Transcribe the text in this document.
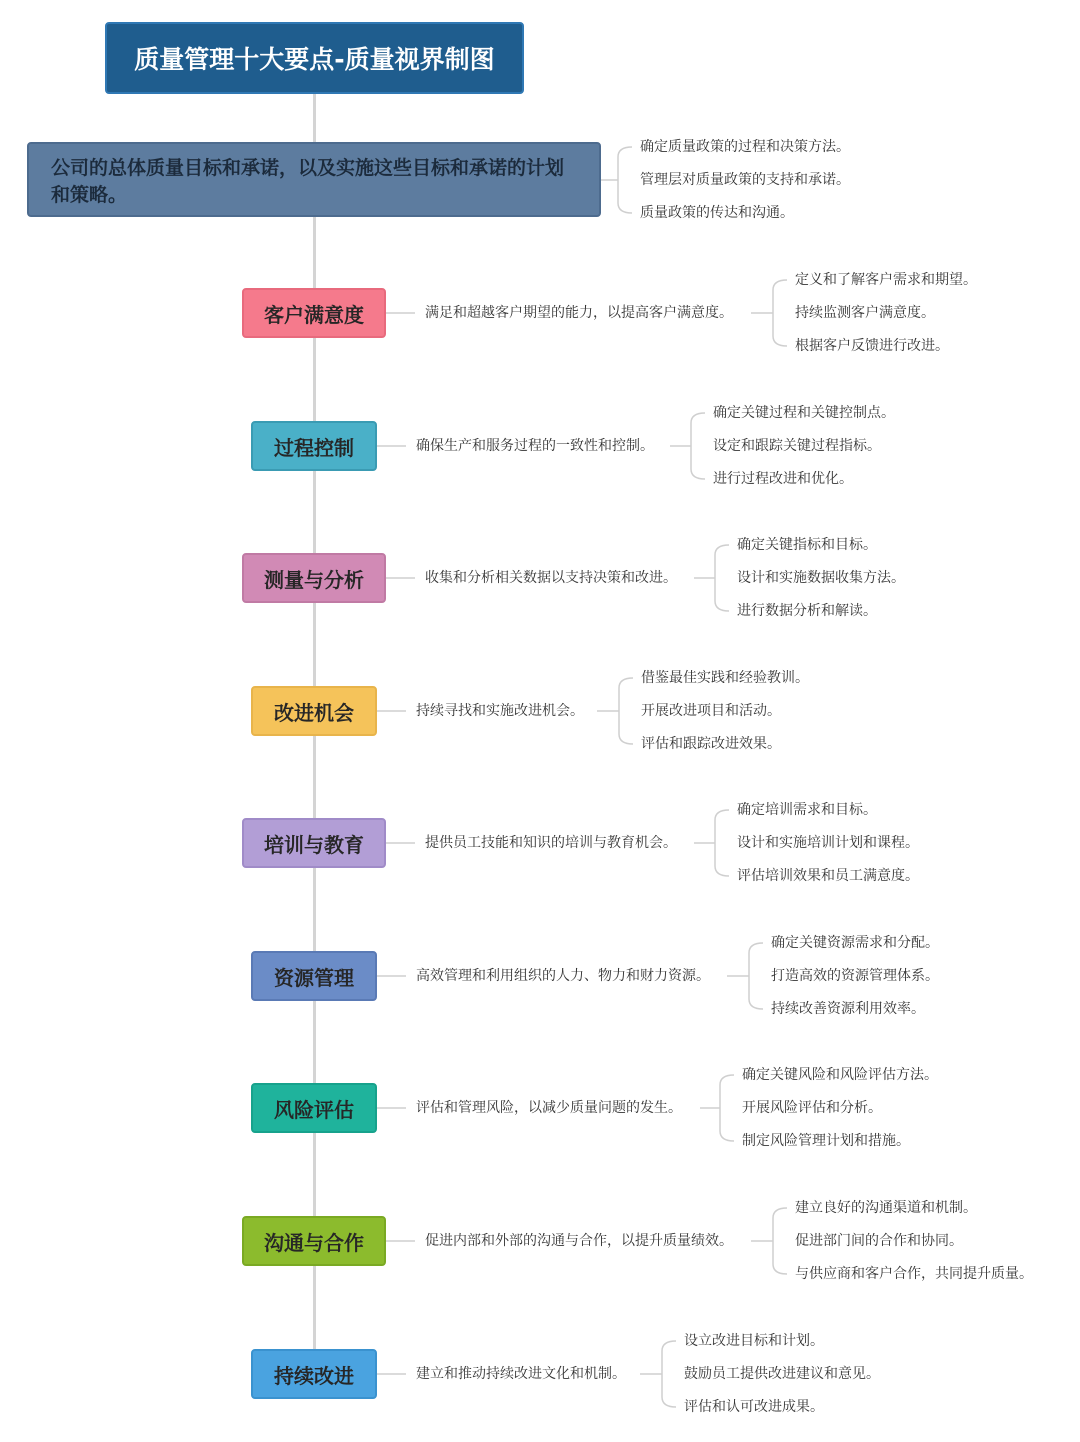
质量管理十大要点-质量视界制图
公司的总体质量目标和承诺，以及实施这些目标和承诺的计划和策略。
确定质量政策的过程和决策方法。
管理层对质量政策的支持和承诺。
质量政策的传达和沟通。
客户满意度	满足和超越客户期望的能力，以提高客户满意度。
定义和了解客户需求和期望。
持续监测客户满意度。
根据客户反馈进行改进。
过程控制	确保生产和服务过程的一致性和控制。
确定关键过程和关键控制点。
设定和跟踪关键过程指标。
进行过程改进和优化。
测量与分析	收集和分析相关数据以支持决策和改进。
确定关键指标和目标。
设计和实施数据收集方法。
进行数据分析和解读。
改进机会	持续寻找和实施改进机会。
借鉴最佳实践和经验教训。
开展改进项目和活动。
评估和跟踪改进效果。
培训与教育	提供员工技能和知识的培训与教育机会。
确定培训需求和目标。
设计和实施培训计划和课程。
评估培训效果和员工满意度。
资源管理	高效管理和利用组织的人力、物力和财力资源。
确定关键资源需求和分配。
打造高效的资源管理体系。
持续改善资源利用效率。
风险评估	评估和管理风险，以减少质量问题的发生。
确定关键风险和风险评估方法。
开展风险评估和分析。
制定风险管理计划和措施。
沟通与合作	促进内部和外部的沟通与合作，以提升质量绩效。
建立良好的沟通渠道和机制。
促进部门间的合作和协同。
与供应商和客户合作，共同提升质量。
持续改进	建立和推动持续改进文化和机制。
设立改进目标和计划。
鼓励员工提供改进建议和意见。
评估和认可改进成果。
